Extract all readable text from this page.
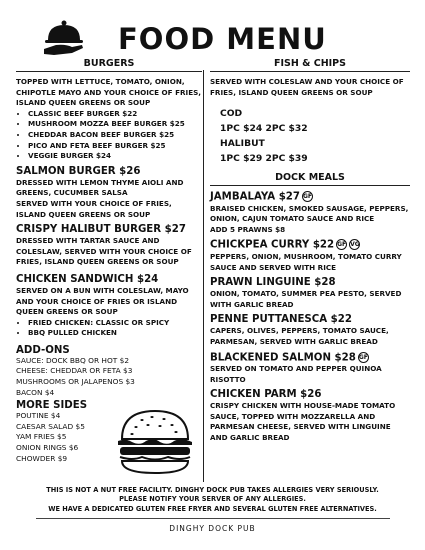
FOOD MENU
BURGERS
TOPPED WITH LETTUCE, TOMATO, ONION, CHIPOTLE MAYO AND YOUR CHOICE OF FRIES, ISLAND QUEEN GREENS OR SOUP
• CLASSIC BEEF BURGER $22
• MUSHROOM MOZZA BEEF BURGER $25
• CHEDDAR BACON BEEF BURGER $25
• PICO AND FETA BEEF BURGER $25
• VEGGIE BURGER $24
SALMON BURGER $26
DRESSED WITH LEMON THYME AIOLI AND GREENS, CUCUMBER SALSA
SERVED WITH YOUR CHOICE OF FRIES, ISLAND QUEEN GREENS OR SOUP
CRISPY HALIBUT BURGER $27
DRESSED WITH TARTAR SAUCE AND COLESLAW, SERVED WITH YOUR CHOICE OF FRIES, ISLAND QUEEN GREENS OR SOUP
CHICKEN SANDWICH $24
SERVED ON A BUN WITH COLESLAW, MAYO AND YOUR CHOICE OF FRIES OR ISLAND QUEEN GREENS OR SOUP
• FRIED CHICKEN: CLASSIC OR SPICY
• BBQ PULLED CHICKEN
ADD-ONS
SAUCE: DOCK BBQ OR HOT $2
CHEESE: CHEDDAR OR FETA $3
MUSHROOMS OR JALAPENOS $3
BACON $4
MORE SIDES
POUTINE $4
CAESAR SALAD $5
YAM FRIES $5
ONION RINGS $6
CHOWDER $9
FISH & CHIPS
SERVED WITH COLESLAW AND YOUR CHOICE OF FRIES, ISLAND QUEEN GREENS OR SOUP
COD
1PC $24 2PC $32
HALIBUT
1PC $29 2PC $39
DOCK MEALS
JAMBALAYA $27 GF
BRAISED CHICKEN, SMOKED SAUSAGE, PEPPERS, ONION, CAJUN TOMATO SAUCE AND RICE
ADD 5 PRAWNS $8
CHICKPEA CURRY $22 GF VG
PEPPERS, ONION, MUSHROOM, TOMATO CURRY SAUCE AND SERVED WITH RICE
PRAWN LINGUINE $28
ONION, TOMATO, SUMMER PEA PESTO, SERVED WITH GARLIC BREAD
PENNE PUTTANESCA $22
CAPERS, OLIVES, PEPPERS, TOMATO SAUCE, PARMESAN, SERVED WITH GARLIC BREAD
BLACKENED SALMON $28 GF
SERVED ON TOMATO AND PEPPER QUINOA RISOTTO
CHICKEN PARM $26
CRISPY CHICKEN WITH HOUSE-MADE TOMATO SAUCE, TOPPED WITH MOZZARELLA AND PARMESAN CHEESE, SERVED WITH LINGUINE AND GARLIC BREAD
THIS IS NOT A NUT FREE FACILITY. DINGHY DOCK PUB TAKES ALLERGIES VERY SERIOUSLY.
PLEASE NOTIFY YOUR SERVER OF ANY ALLERGIES.
WE HAVE A DEDICATED GLUTEN FREE FRYER AND SEVERAL GLUTEN FREE ALTERNATIVES.
DINGHY DOCK PUB
